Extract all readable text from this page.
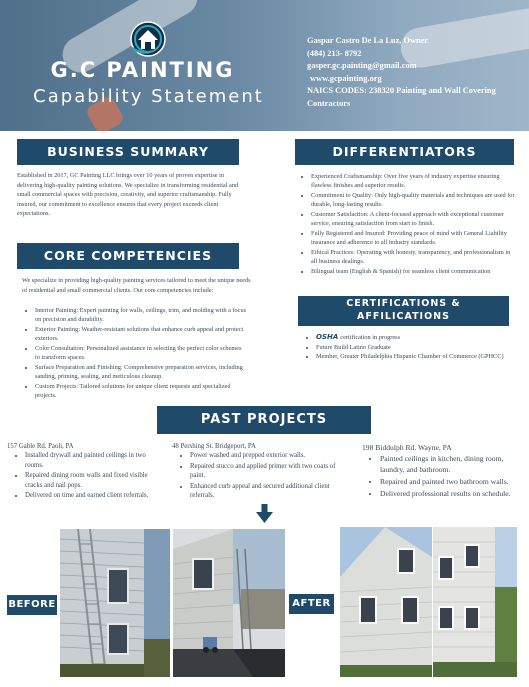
G.C PAINTING
Capability Statement
Gaspar Castro De La Luz, Owner
(484) 213- 8792
gasper.gc.painting@gmail.com
www.gcpainting.org
NAICS CODES: 238320 Painting and Wall Covering Contractors
BUSINESS SUMMARY

Established in 2017, GC Painting LLC brings over 10 years of proven expertise in delivering high-quality painting solutions. We specialize in transforming residential and small commercial spaces with precision, creativity, and superior craftsmanship. Fully insured, our commitment to excellence ensures that every project exceeds client expectations.

CORE COMPETENCIES

We specialize in providing high-quality painting services tailored to meet the unique needs of residential and small commercial clients. Our core competencies include:

• Interior Painting: Expert painting for walls, ceilings, trim, and molding with a focus on precision and durability.
• Exterior Painting: Weather-resistant solutions that enhance curb appeal and protect exteriors.
• Color Consultation: Personalized assistance in selecting the perfect color schemes to transform spaces.
• Surface Preparation and Finishing: Comprehensive preparation services, including sanding, priming, sealing, and meticulous cleanup.
• Custom Projects: Tailored solutions for unique client requests and specialized projects.
DIFFERENTIATORS
• Experienced Craftsmanship: Over five years of industry expertise ensuring flawless finishes and superior results.
• Commitment to Quality: Only high-quality materials and techniques are used for durable, long-lasting results.
• Customer Satisfaction: A client-focused approach with exceptional customer service, ensuring satisfaction from start to finish.
• Fully Registered and Insured: Providing peace of mind with General Liability insurance and adherence to all industry standards.
• Ethical Practices: Operating with honesty, transparency, and professionalism in all business dealings.
• Bilingual team (English & Spanish) for seamless client communication
CERTIFICATIONS & AFFILICATIONS
• OSHA certification in progress
• Future Build Latino Graduate
• Member, Greater Philadelphia Hispanic Chamber of Commerce (GPHCC)
PAST PROJECTS
157 Gable Rd. Paoli, PA
• Installed drywall and painted ceilings in two rooms.
• Repaired dining room walls and fixed visible cracks and nail pops.
• Delivered on time and earned client referrals.
48 Pershing St. Bridgeport, PA
• Power washed and prepped exterior walls.
• Repaired stucco and applied primer with two coats of paint.
• Enhanced curb appeal and secured additional client referrals.
198 Biddulph Rd. Wayne, PA
• Painted ceilings in kitchen, dining room, laundry, and bathroom.
• Repaired and painted two bathroom walls.
• Delivered professional results on schedule.
BEFORE	AFTER
